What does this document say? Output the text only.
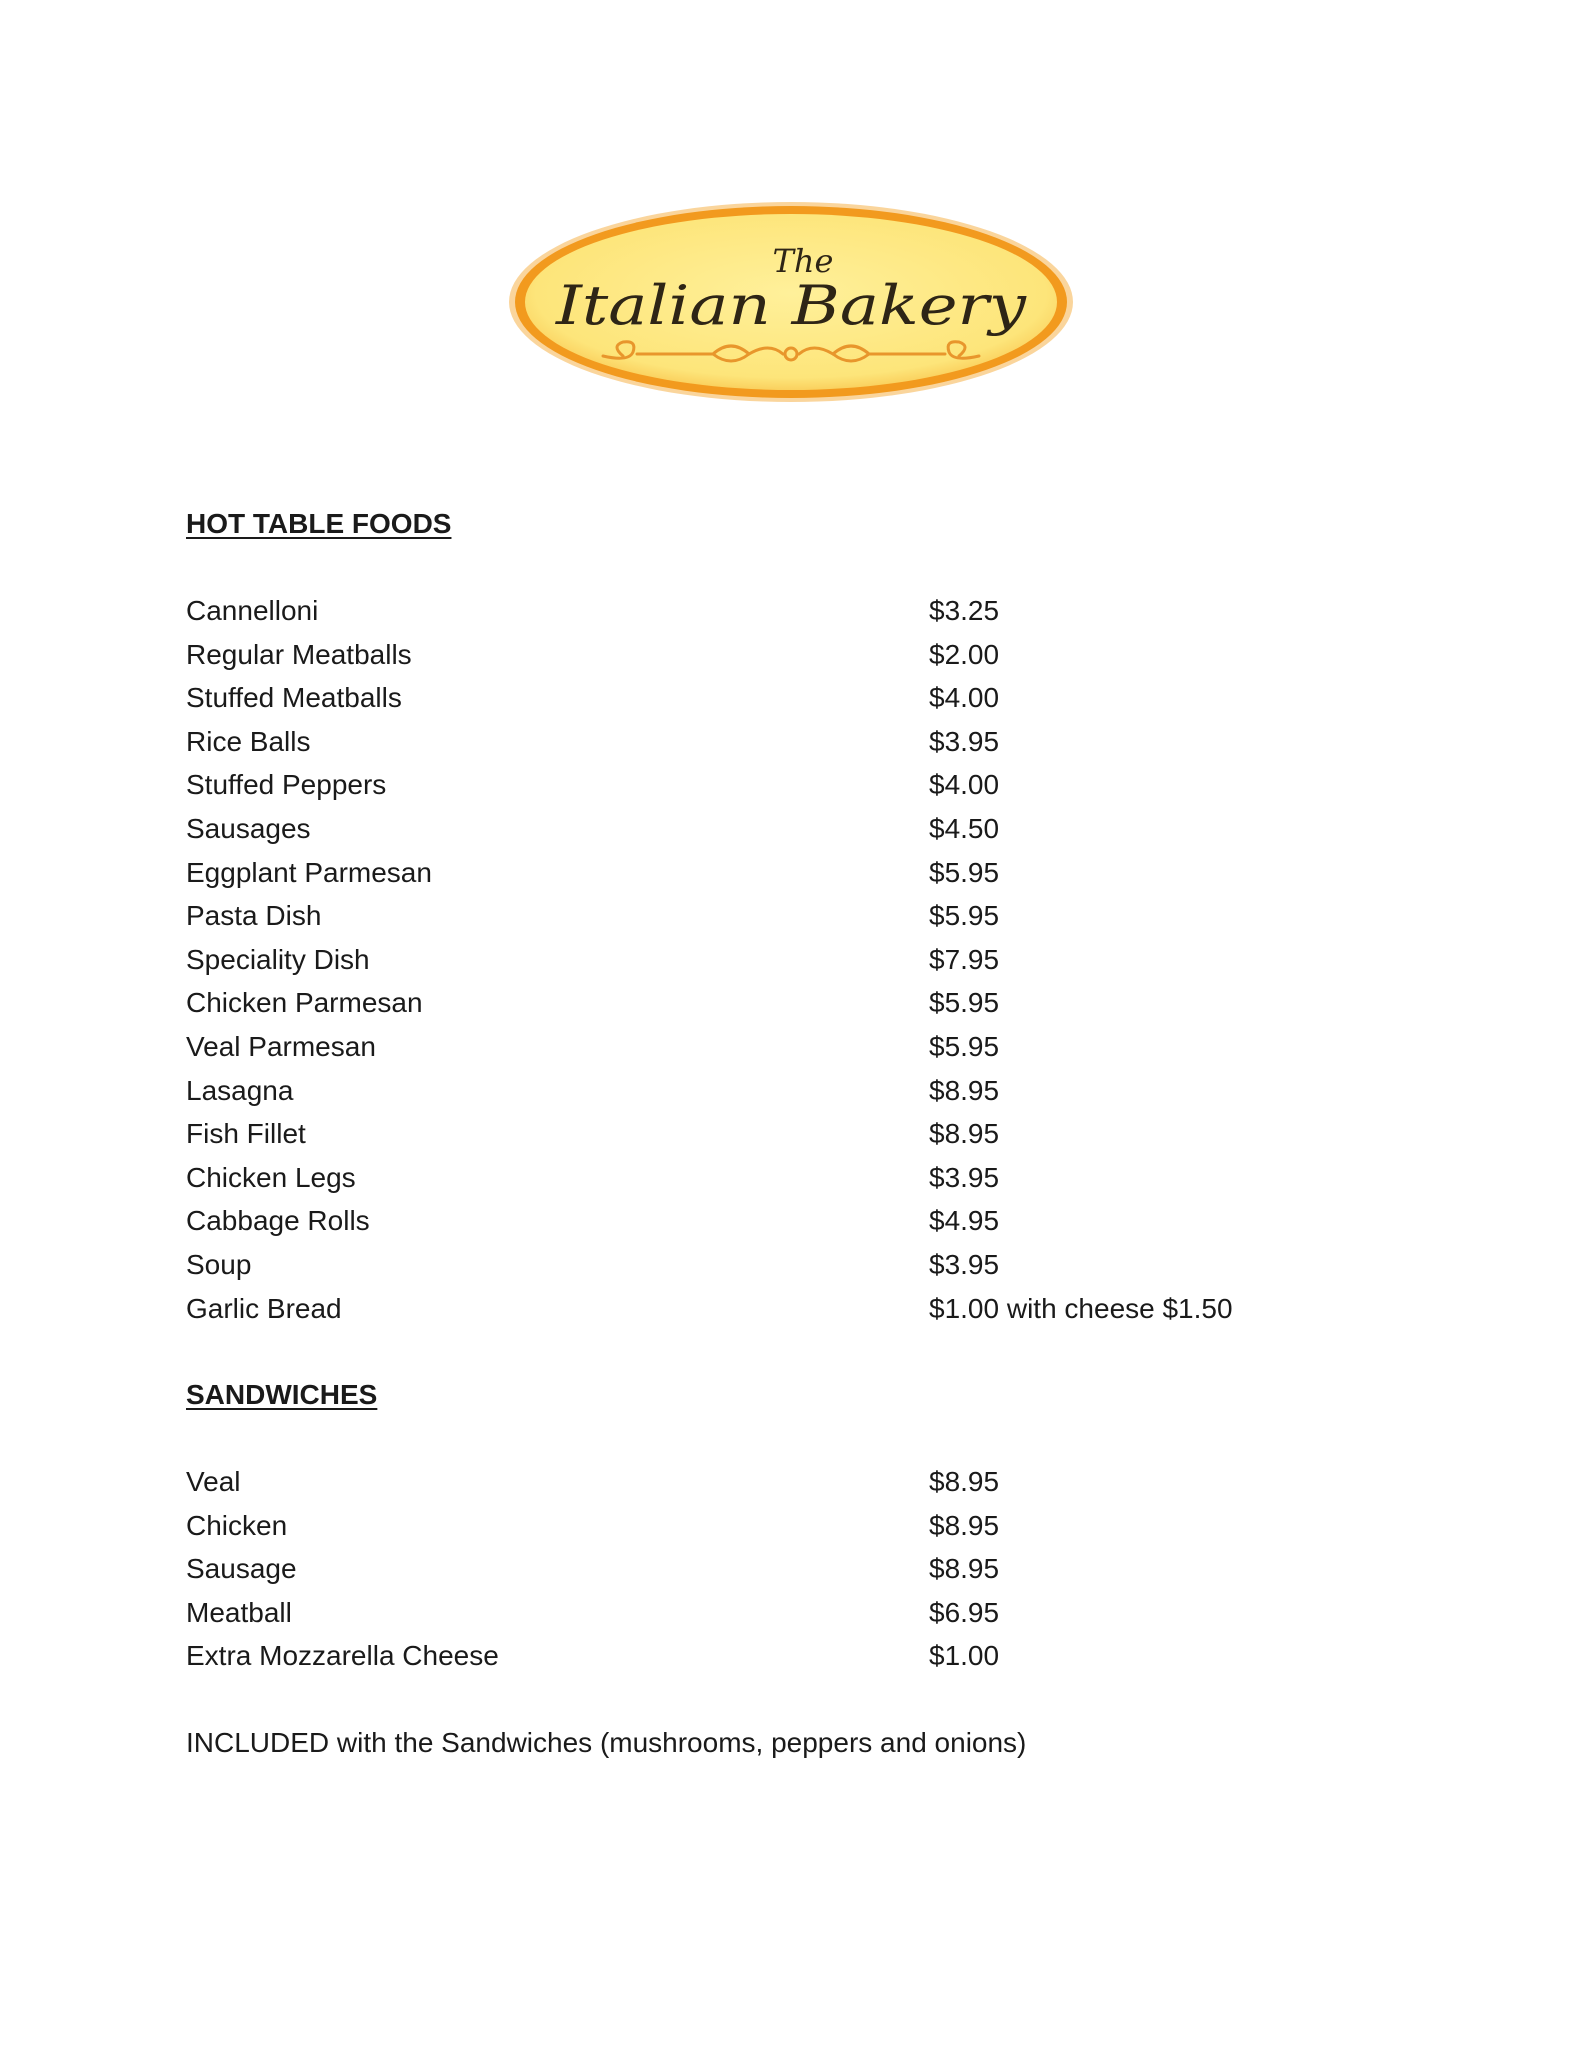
The
Italian Bakery
HOT TABLE FOODS
Cannelloni	$3.25
Regular Meatballs	$2.00
Stuffed Meatballs	$4.00
Rice Balls	$3.95
Stuffed Peppers	$4.00
Sausages	$4.50
Eggplant Parmesan	$5.95
Pasta Dish	$5.95
Speciality Dish	$7.95
Chicken Parmesan	$5.95
Veal Parmesan	$5.95
Lasagna	$8.95
Fish Fillet	$8.95
Chicken Legs	$3.95
Cabbage Rolls	$4.95
Soup	$3.95
Garlic Bread	$1.00 with cheese $1.50
SANDWICHES
Veal	$8.95
Chicken	$8.95
Sausage	$8.95
Meatball	$6.95
Extra Mozzarella Cheese	$1.00
INCLUDED with the Sandwiches (mushrooms, peppers and onions)
